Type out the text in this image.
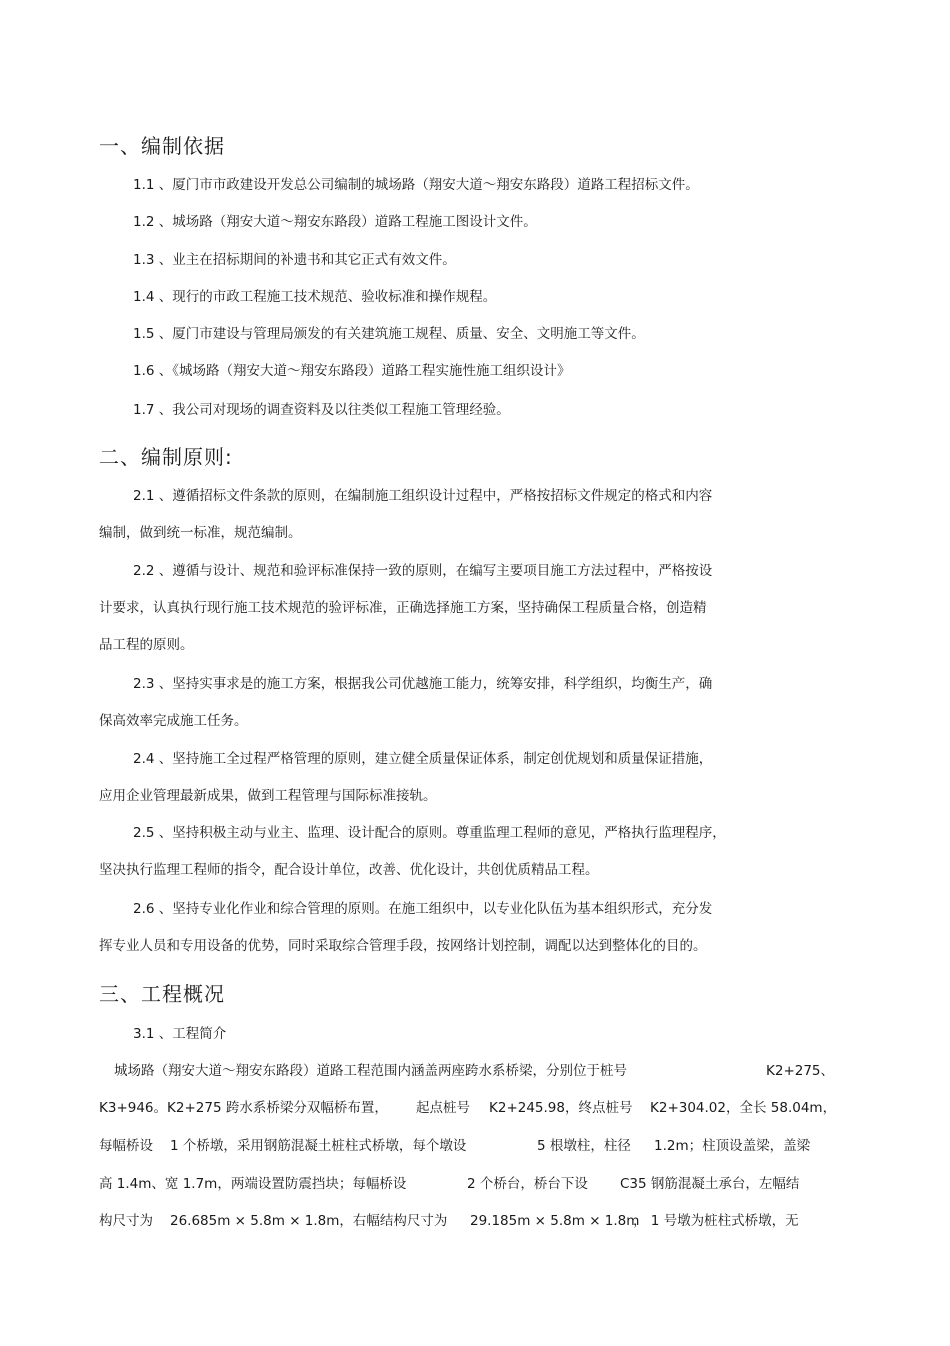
一、编制依据
1.1 、厦门市市政建设开发总公司编制的城场路（翔安大道～翔安东路段）道路工程招标文件。
1.2 、城场路（翔安大道～翔安东路段）道路工程施工图设计文件。
1.3 、业主在招标期间的补遗书和其它正式有效文件。
1.4 、现行的市政工程施工技术规范、验收标准和操作规程。
1.5 、厦门市建设与管理局颁发的有关建筑施工规程、质量、安全、文明施工等文件。
1.6 、《城场路（翔安大道～翔安东路段）道路工程实施性施工组织设计》
1.7 、我公司对现场的调查资料及以往类似工程施工管理经验。
二、编制原则:
2.1 、遵循招标文件条款的原则，在编制施工组织设计过程中，严格按招标文件规定的格式和内容
编制，做到统一标准，规范编制。
2.2 、遵循与设计、规范和验评标准保持一致的原则，在编写主要项目施工方法过程中，严格按设
计要求，认真执行现行施工技术规范的验评标准，正确选择施工方案，坚持确保工程质量合格，创造精
品工程的原则。
2.3 、坚持实事求是的施工方案，根据我公司优越施工能力，统筹安排，科学组织，均衡生产，确
保高效率完成施工任务。
2.4 、坚持施工全过程严格管理的原则，建立健全质量保证体系，制定创优规划和质量保证措施，
应用企业管理最新成果，做到工程管理与国际标准接轨。
2.5 、坚持积极主动与业主、监理、设计配合的原则。尊重监理工程师的意见，严格执行监理程序，
坚决执行监理工程师的指令，配合设计单位，改善、优化设计，共创优质精品工程。
2.6 、坚持专业化作业和综合管理的原则。在施工组织中，以专业化队伍为基本组织形式，充分发
挥专业人员和专用设备的优势，同时采取综合管理手段，按网络计划控制，调配以达到整体化的目的。
三、工程概况
3.1 、工程简介
城场路（翔安大道～翔安东路段）道路工程范围内涵盖两座跨水系桥梁，分别位于桩号	K2+275、
K3+946。K2+275 跨水系桥梁分双幅桥布置， 起点桩号 K2+245.98，终点桩号 K2+304.02，全长 58.04m，
每幅桥设 1 个桥墩，采用钢筋混凝土桩柱式桥墩，每个墩设	5 根墩柱，柱径 1.2m；柱顶设盖梁，盖梁
高 1.4m、宽 1.7m，两端设置防震挡块；每幅桥设	2 个桥台，桥台下设 C35 钢筋混凝土承台，左幅结
构尺寸为 26.685m × 5.8m × 1.8m，右幅结构尺寸为 29.185m × 5.8m × 1.8m
， 1 号墩为桩柱式桥墩，无
